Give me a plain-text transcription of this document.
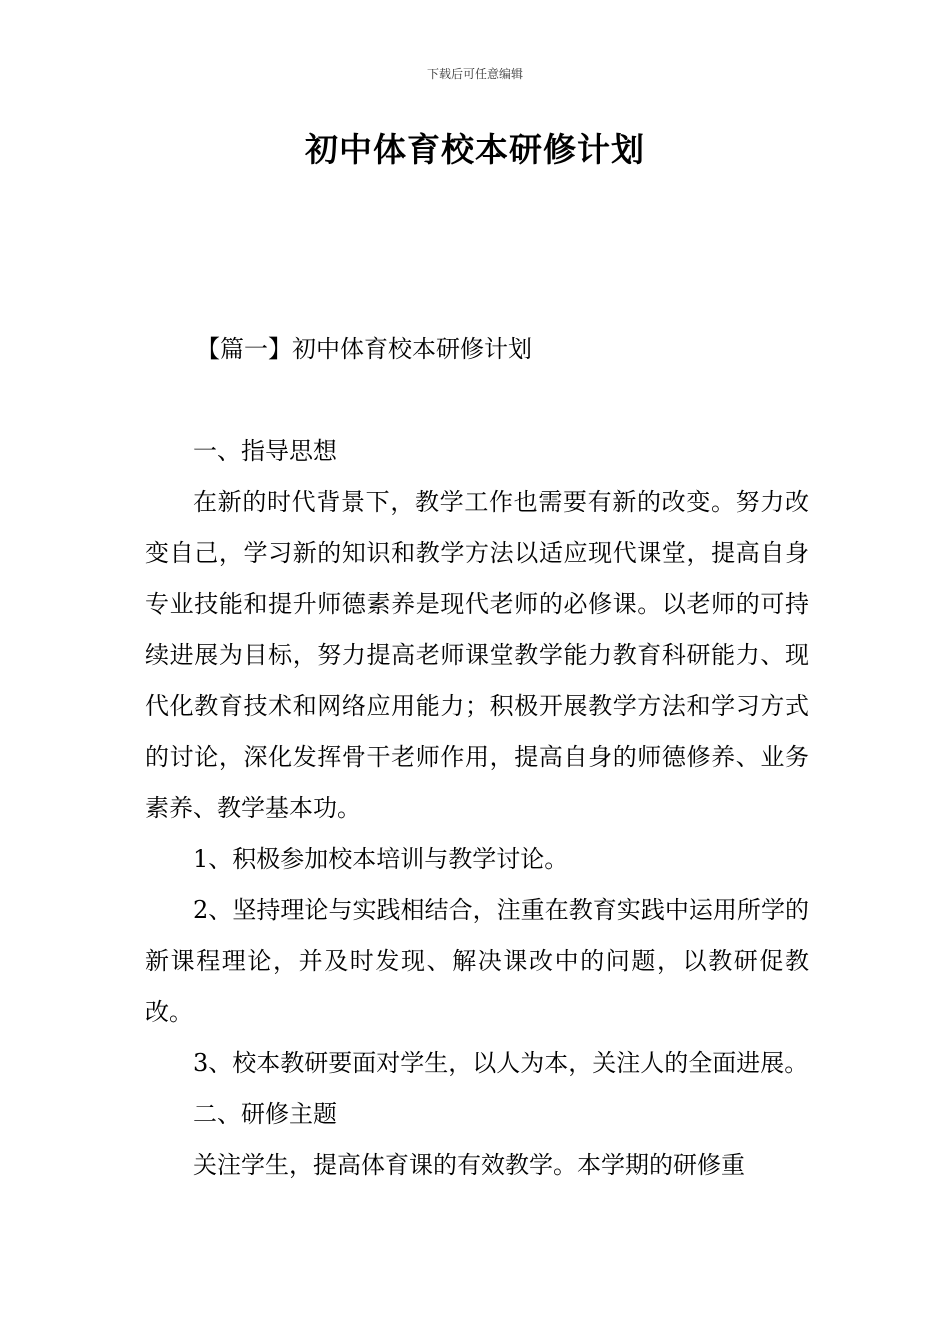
下载后可任意编辑
初中体育校本研修计划
【篇一】初中体育校本研修计划

一、指导思想

在新的时代背景下，教学工作也需要有新的改变。努力改变自己，学习新的知识和教学方法以适应现代课堂，提高自身专业技能和提升师德素养是现代老师的必修课。以老师的可持续进展为目标，努力提高老师课堂教学能力教育科研能力、现代化教育技术和网络应用能力；积极开展教学方法和学习方式的讨论，深化发挥骨干老师作用，提高自身的师德修养、业务素养、教学基本功。

1、积极参加校本培训与教学讨论。

2、坚持理论与实践相结合，注重在教育实践中运用所学的新课程理论，并及时发现、解决课改中的问题，以教研促教改。

3、校本教研要面对学生，以人为本，关注人的全面进展。

二、研修主题

关注学生，提高体育课的有效教学。本学期的研修重
